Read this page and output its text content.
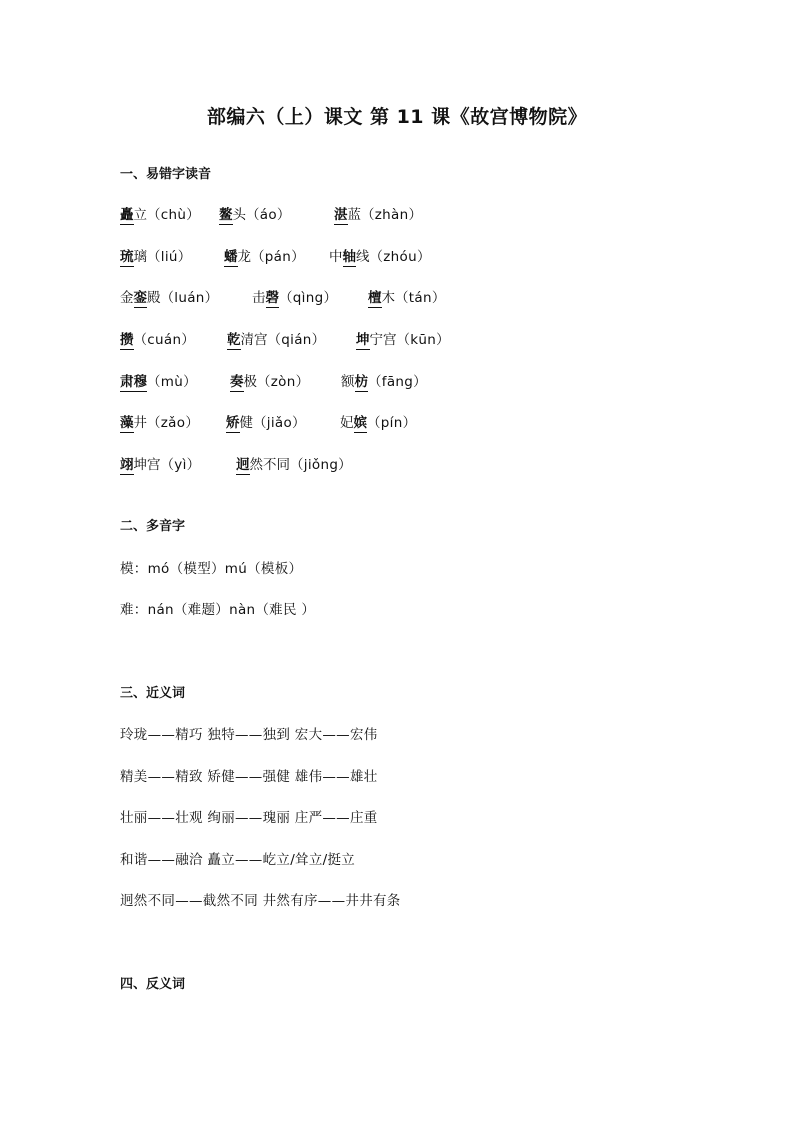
部编六（上）课文 第 11 课《故宫博物院》
一、易错字读音
矗立（chù） 鳌头（áo）	湛蓝（zhàn）
琉璃（liú） 蟠龙（pán） 中轴线（zhóu）
金銮殿（luán） 击磬（qìng） 檀木（tán）
攒（cuán） 乾清宫（qián） 坤宁宫（kūn）
肃穆（mù） 奏极（zòn） 额枋（fāng）
藻井（zǎo） 矫健（jiǎo）	妃嫔（pín）
翊坤宫（yì）	迥然不同（jiǒng）
二、多音字
模：mó（模型）mú（模板）
难：nán（难题）nàn（难民 ）
三、近义词
玲珑——精巧 独特——独到 宏大——宏伟
精美——精致 矫健——强健 雄伟——雄壮
壮丽——壮观 绚丽——瑰丽 庄严——庄重
和谐——融洽 矗立——屹立/耸立/挺立
迥然不同——截然不同 井然有序——井井有条
四、反义词
